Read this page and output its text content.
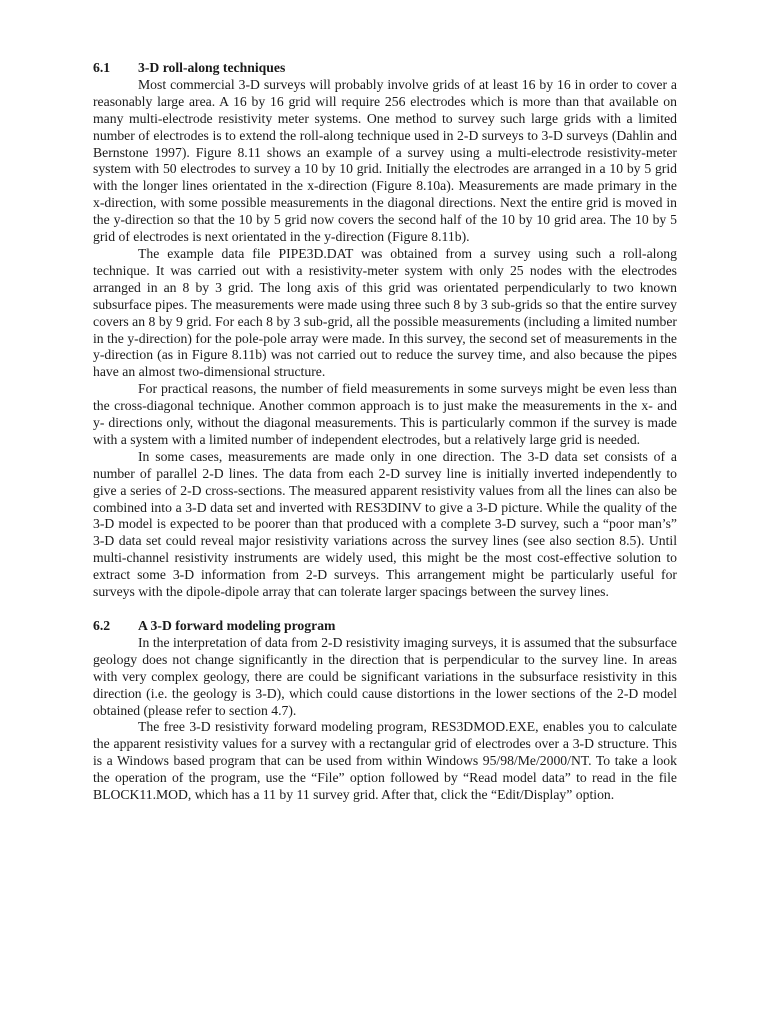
6.1 3-D roll-along techniques

Most commercial 3-D surveys will probably involve grids of at least 16 by 16 in order to cover a reasonably large area. A 16 by 16 grid will require 256 electrodes which is more than that available on many multi-electrode resistivity meter systems. One method to survey such large grids with a limited number of electrodes is to extend the roll-along technique used in 2-D surveys to 3-D surveys (Dahlin and Bernstone 1997). Figure 8.11 shows an example of a survey using a multi-electrode resistivity-meter system with 50 electrodes to survey a 10 by 10 grid. Initially the electrodes are arranged in a 10 by 5 grid with the longer lines orientated in the x-direction (Figure 8.10a). Measurements are made primary in the x-direction, with some possible measurements in the diagonal directions. Next the entire grid is moved in the y-direction so that the 10 by 5 grid now covers the second half of the 10 by 10 grid area. The 10 by 5 grid of electrodes is next orientated in the y-direction (Figure 8.11b).

The example data file PIPE3D.DAT was obtained from a survey using such a roll-along technique. It was carried out with a resistivity-meter system with only 25 nodes with the electrodes arranged in an 8 by 3 grid. The long axis of this grid was orientated perpendicularly to two known subsurface pipes. The measurements were made using three such 8 by 3 sub-grids so that the entire survey covers an 8 by 9 grid. For each 8 by 3 sub-grid, all the possible measurements (including a limited number in the y-direction) for the pole-pole array were made. In this survey, the second set of measurements in the y-direction (as in Figure 8.11b) was not carried out to reduce the survey time, and also because the pipes have an almost two-dimensional structure.

For practical reasons, the number of field measurements in some surveys might be even less than the cross-diagonal technique. Another common approach is to just make the measurements in the x- and y- directions only, without the diagonal measurements. This is particularly common if the survey is made with a system with a limited number of independent electrodes, but a relatively large grid is needed.

In some cases, measurements are made only in one direction. The 3-D data set consists of a number of parallel 2-D lines. The data from each 2-D survey line is initially inverted independently to give a series of 2-D cross-sections. The measured apparent resistivity values from all the lines can also be combined into a 3-D data set and inverted with RES3DINV to give a 3-D picture. While the quality of the 3-D model is expected to be poorer than that produced with a complete 3-D survey, such a “poor man’s” 3-D data set could reveal major resistivity variations across the survey lines (see also section 8.5). Until multi-channel resistivity instruments are widely used, this might be the most cost-effective solution to extract some 3-D information from 2-D surveys. This arrangement might be particularly useful for surveys with the dipole-dipole array that can tolerate larger spacings between the survey lines.

6.2 A 3-D forward modeling program

In the interpretation of data from 2-D resistivity imaging surveys, it is assumed that the subsurface geology does not change significantly in the direction that is perpendicular to the survey line. In areas with very complex geology, there are could be significant variations in the subsurface resistivity in this direction (i.e. the geology is 3-D), which could cause distortions in the lower sections of the 2-D model obtained (please refer to section 4.7).

The free 3-D resistivity forward modeling program, RES3DMOD.EXE, enables you to calculate the apparent resistivity values for a survey with a rectangular grid of electrodes over a 3-D structure. This is a Windows based program that can be used from within Windows 95/98/Me/2000/NT. To take a look the operation of the program, use the “File” option followed by “Read model data” to read in the file BLOCK11.MOD, which has a 11 by 11 survey grid. After that, click the “Edit/Display” option.
